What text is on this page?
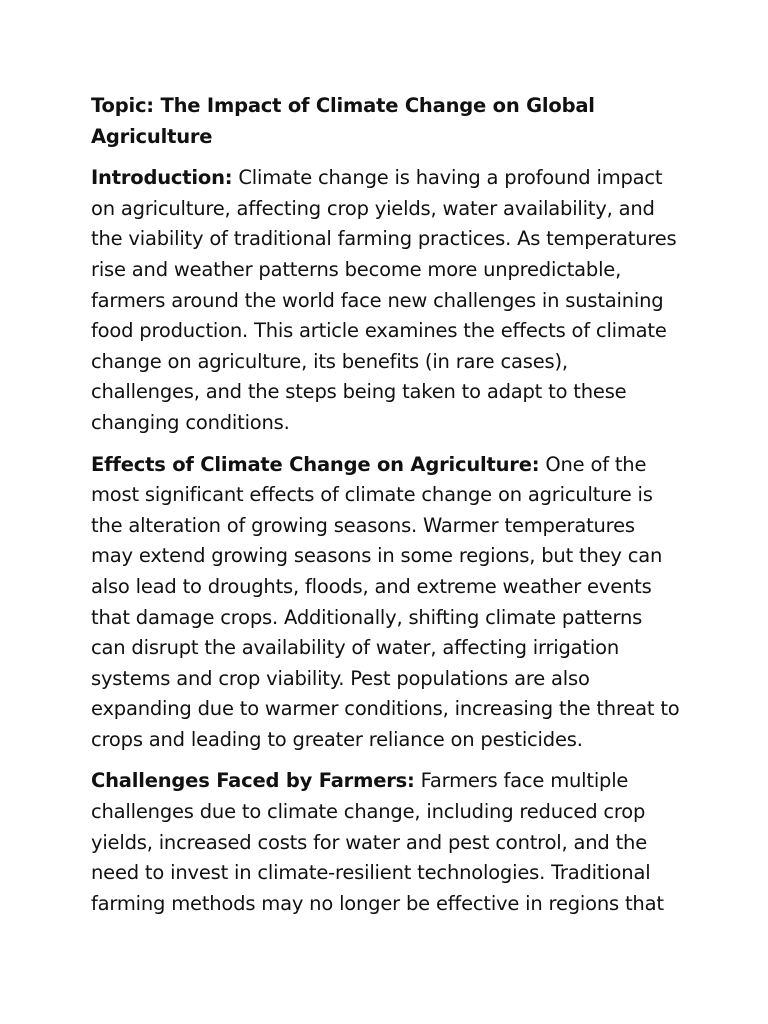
Topic: The Impact of Climate Change on Global Agriculture
Introduction: Climate change is having a profound impact on agriculture, affecting crop yields, water availability, and the viability of traditional farming practices. As temperatures rise and weather patterns become more unpredictable, farmers around the world face new challenges in sustaining food production. This article examines the effects of climate change on agriculture, its benefits (in rare cases), challenges, and the steps being taken to adapt to these changing conditions.
Effects of Climate Change on Agriculture: One of the most significant effects of climate change on agriculture is the alteration of growing seasons. Warmer temperatures may extend growing seasons in some regions, but they can also lead to droughts, floods, and extreme weather events that damage crops. Additionally, shifting climate patterns can disrupt the availability of water, affecting irrigation systems and crop viability. Pest populations are also expanding due to warmer conditions, increasing the threat to crops and leading to greater reliance on pesticides.
Challenges Faced by Farmers: Farmers face multiple challenges due to climate change, including reduced crop yields, increased costs for water and pest control, and the need to invest in climate-resilient technologies. Traditional farming methods may no longer be effective in regions that
